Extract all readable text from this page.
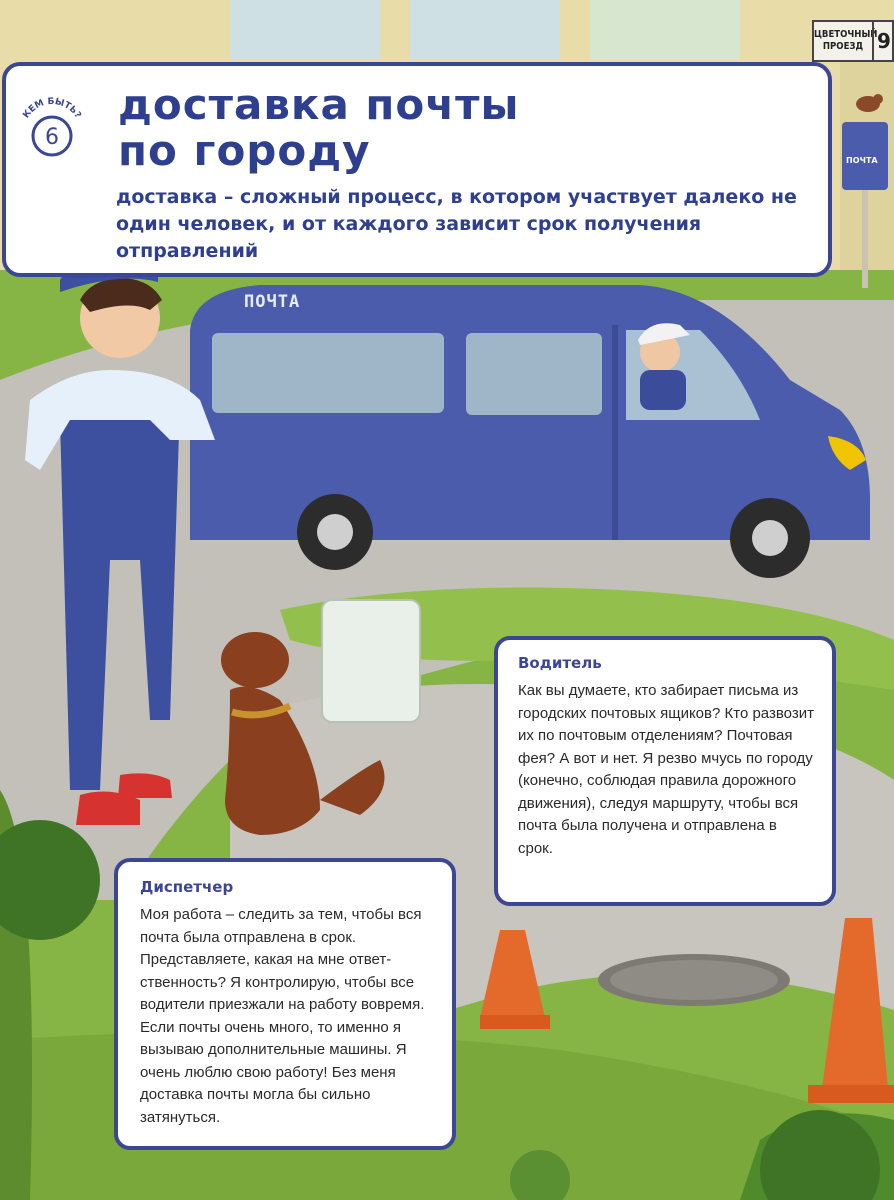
ЦВЕТОЧНЫЙ ПРОЕЗД 9
КЕМ БЫТЬ?
6
доставка почты
по городу
доставка – сложный процесс, в котором участвует далеко не один человек, и от каждого зависит срок получения отправлений
ПОЧТА
ПОЧТА
Водитель

Как вы думаете, кто забирает письма из городских почтовых ящиков? Кто развозит их по почтовым отделениям? Почтовая фея? А вот и нет. Я резво мчусь по городу (конечно, соблюдая правила дорожного движения), следуя маршруту, чтобы вся почта была получена и отправлена в срок.

Диспетчер

Моя работа – следить за тем, чтобы вся почта была отправлена в срок. Представляете, какая на мне ответственность? Я контролирую, чтобы все водители приезжали на работу вовремя. Если почты очень много, то именно я вызываю дополнительные машины. Я очень люблю свою работу! Без меня доставка почты могла бы сильно затянуться.
